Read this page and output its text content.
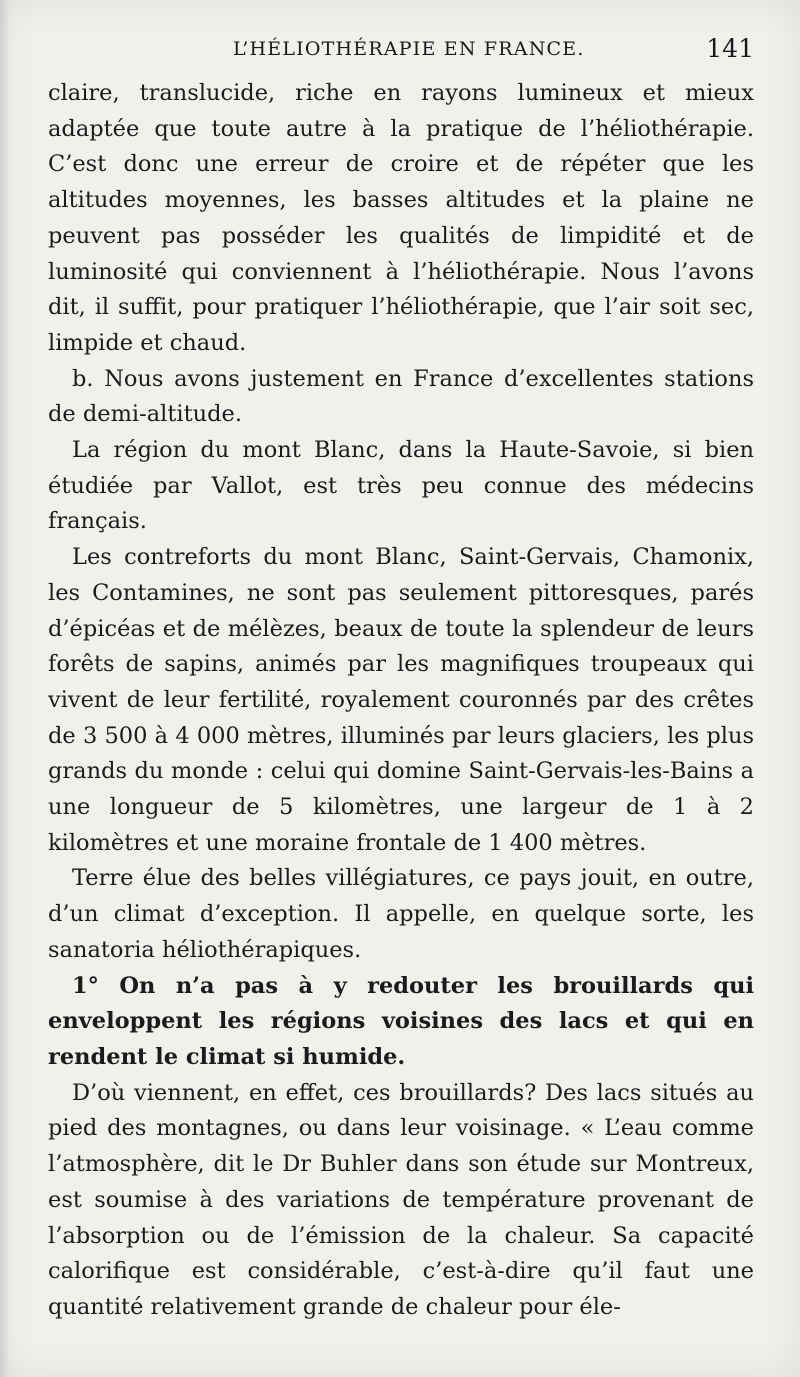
L’HÉLIOTHÉRAPIE EN FRANCE.	141

claire, translucide, riche en rayons lumineux et mieux adaptée que toute autre à la pratique de l’héliothérapie. C’est donc une erreur de croire et de répéter que les altitudes moyennes, les basses altitudes et la plaine ne peuvent pas posséder les qualités de limpidité et de luminosité qui conviennent à l’héliothérapie. Nous l’avons dit, il suffit, pour pratiquer l’héliothérapie, que l’air soit sec, limpide et chaud.

b. Nous avons justement en France d’excellentes stations de demi-altitude.

La région du mont Blanc, dans la Haute-Savoie, si bien étudiée par Vallot, est très peu connue des médecins français.

Les contreforts du mont Blanc, Saint-Gervais, Chamonix, les Contamines, ne sont pas seulement pittoresques, parés d’épicéas et de mélèzes, beaux de toute la splendeur de leurs forêts de sapins, animés par les magnifiques troupeaux qui vivent de leur fertilité, royalement couronnés par des crêtes de 3 500 à 4 000 mètres, illuminés par leurs glaciers, les plus grands du monde : celui qui domine Saint-Gervais-les-Bains a une longueur de 5 kilomètres, une largeur de 1 à 2 kilomètres et une moraine frontale de 1 400 mètres.

Terre élue des belles villégiatures, ce pays jouit, en outre, d’un climat d’exception. Il appelle, en quelque sorte, les sanatoria héliothérapiques.

1° On n’a pas à y redouter les brouillards qui enveloppent les régions voisines des lacs et qui en rendent le climat si humide.

D’où viennent, en effet, ces brouillards? Des lacs situés au pied des montagnes, ou dans leur voisinage. « L’eau comme l’atmosphère, dit le Dr Buhler dans son étude sur Montreux, est soumise à des variations de température provenant de l’absorption ou de l’émission de la chaleur. Sa capacité calorifique est considérable, c’est-à-dire qu’il faut une quantité relativement grande de chaleur pour éle-
